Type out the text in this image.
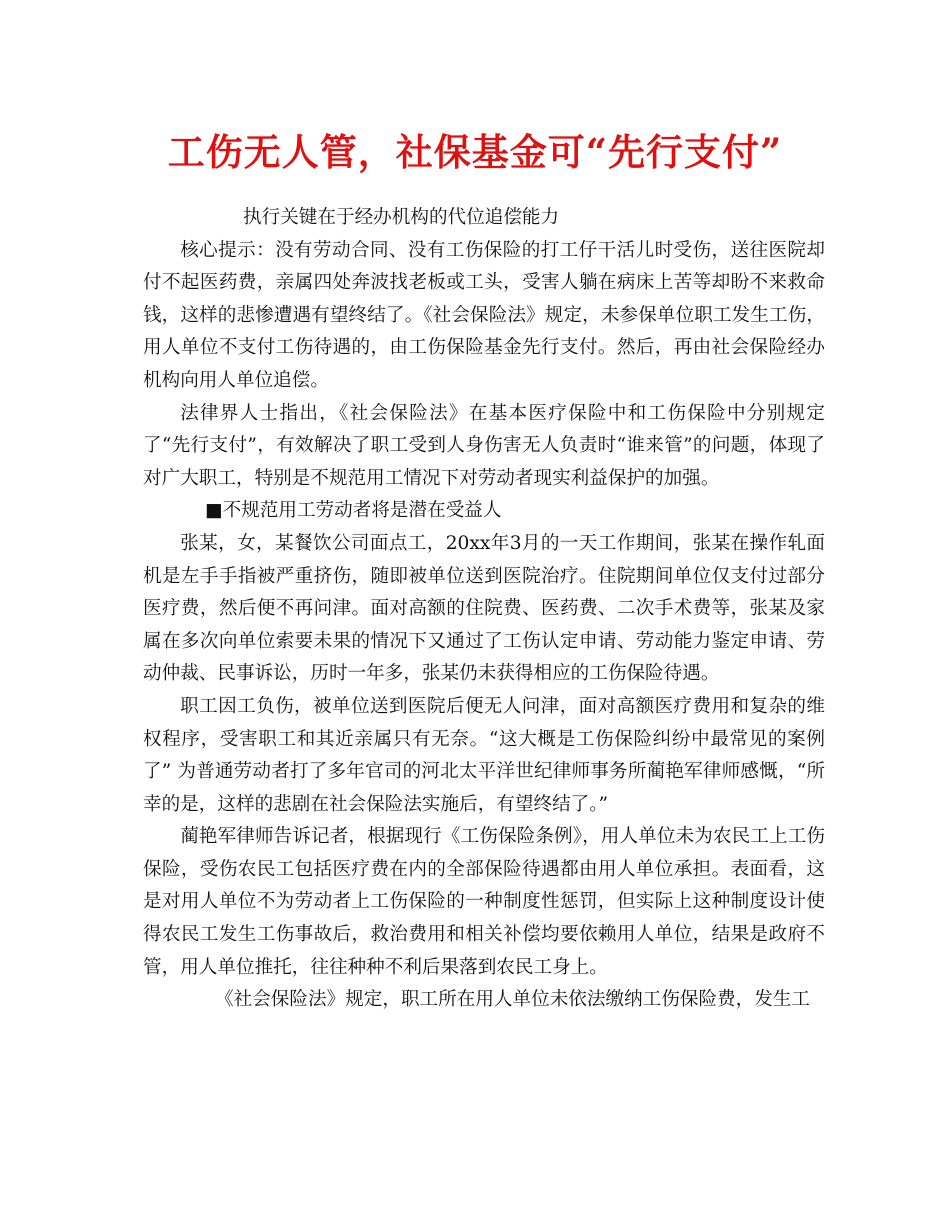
工伤无人管，社保基金可“先行支付”

执行关键在于经办机构的代位追偿能力

核心提示：没有劳动合同、没有工伤保险的打工仔干活儿时受伤，送往医院却付不起医药费，亲属四处奔波找老板或工头，受害人躺在病床上苦等却盼不来救命钱，这样的悲惨遭遇有望终结了。《社会保险法》规定，未参保单位职工发生工伤，用人单位不支付工伤待遇的，由工伤保险基金先行支付。然后，再由社会保险经办机构向用人单位追偿。

法律界人士指出，《社会保险法》在基本医疗保险中和工伤保险中分别规定了“先行支付”，有效解决了职工受到人身伤害无人负责时“谁来管”的问题，体现了对广大职工，特别是不规范用工情况下对劳动者现实利益保护的加强。

■不规范用工劳动者将是潜在受益人

张某，女，某餐饮公司面点工，20xx年3月的一天工作期间，张某在操作轧面机是左手手指被严重挤伤，随即被单位送到医院治疗。住院期间单位仅支付过部分医疗费，然后便不再问津。面对高额的住院费、医药费、二次手术费等，张某及家属在多次向单位索要未果的情况下又通过了工伤认定申请、劳动能力鉴定申请、劳动仲裁、民事诉讼，历时一年多，张某仍未获得相应的工伤保险待遇。

职工因工负伤，被单位送到医院后便无人问津，面对高额医疗费用和复杂的维权程序，受害职工和其近亲属只有无奈。“这大概是工伤保险纠纷中最常见的案例了” 为普通劳动者打了多年官司的河北太平洋世纪律师事务所蔺艳军律师感慨，“所幸的是，这样的悲剧在社会保险法实施后，有望终结了。”

蔺艳军律师告诉记者，根据现行《工伤保险条例》，用人单位未为农民工上工伤保险，受伤农民工包括医疗费在内的全部保险待遇都由用人单位承担。表面看，这是对用人单位不为劳动者上工伤保险的一种制度性惩罚，但实际上这种制度设计使得农民工发生工伤事故后，救治费用和相关补偿均要依赖用人单位，结果是政府不管，用人单位推托，往往种种不利后果落到农民工身上。

《社会保险法》规定，职工所在用人单位未依法缴纳工伤保险费，发生工
